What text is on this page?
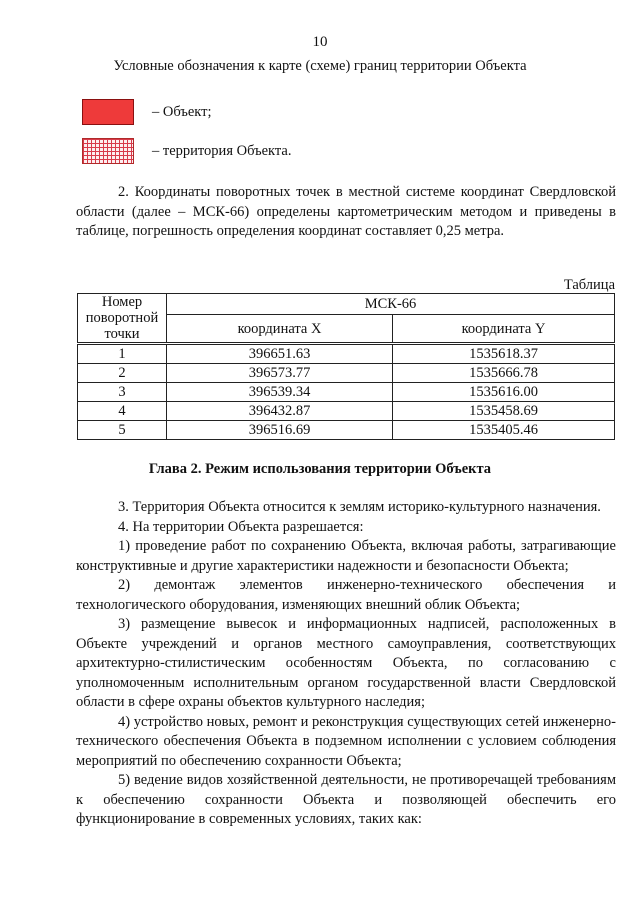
10
Условные обозначения к карте (схеме) границ территории Объекта
– Объект;
– территория Объекта.
2. Координаты поворотных точек в местной системе координат Свердловской области (далее – МСК-66) определены картометрическим методом и приведены в таблице, погрешность определения координат составляет 0,25 метра.
Таблица
Номер поворотной точки	МСК-66	
	координата X	координата Y
1	396651.63	1535618.37
2	396573.77	1535666.78
3	396539.34	1535616.00
4	396432.87	1535458.69
5	396516.69	1535405.46
Глава 2. Режим использования территории Объекта

3. Территория Объекта относится к землям историко-культурного назначения.

4. На территории Объекта разрешается:

1) проведение работ по сохранению Объекта, включая работы, затрагивающие конструктивные и другие характеристики надежности и безопасности Объекта;

2) демонтаж элементов инженерно-технического обеспечения и технологического оборудования, изменяющих внешний облик Объекта;

3) размещение вывесок и информационных надписей, расположенных в Объекте учреждений и органов местного самоуправления, соответствующих архитектурно-стилистическим особенностям Объекта, по согласованию с уполномоченным исполнительным органом государственной власти Свердловской области в сфере охраны объектов культурного наследия;

4) устройство новых, ремонт и реконструкция существующих сетей инженерно-технического обеспечения Объекта в подземном исполнении с условием соблюдения мероприятий по обеспечению сохранности Объекта;

5) ведение видов хозяйственной деятельности, не противоречащей требованиям к обеспечению сохранности Объекта и позволяющей обеспечить его функционирование в современных условиях, таких как:
